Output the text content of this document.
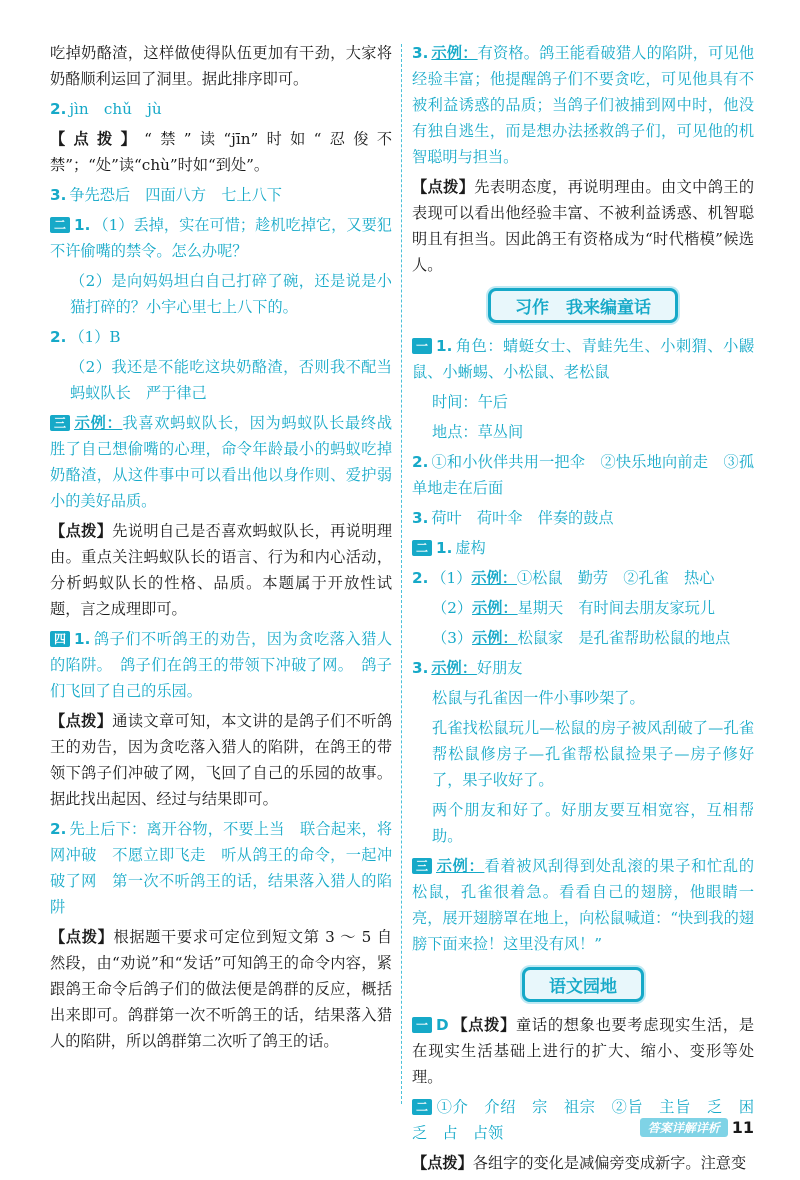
吃掉奶酪渣，这样做使得队伍更加有干劲，大家将奶酪顺利运回了洞里。据此排序即可。

2. jìn　chǔ　jù

【点拨】“禁”读“jīn”时如“忍俊不禁”；“处”读“chù”时如“到处”。

3. 争先恐后　四面八方　七上八下

二 1. （1）丢掉，实在可惜；趁机吃掉它，又要犯不许偷嘴的禁令。怎么办呢？

（2）是向妈妈坦白自己打碎了碗，还是说是小猫打碎的？小宇心里七上八下的。

2. （1）B

（2）我还是不能吃这块奶酪渣，否则我不配当蚂蚁队长　严于律己

三 示例：我喜欢蚂蚁队长，因为蚂蚁队长最终战胜了自己想偷嘴的心理，命令年龄最小的蚂蚁吃掉奶酪渣，从这件事中可以看出他以身作则、爱护弱小的美好品质。

【点拨】先说明自己是否喜欢蚂蚁队长，再说明理由。重点关注蚂蚁队长的语言、行为和内心活动，分析蚂蚁队长的性格、品质。本题属于开放性试题，言之成理即可。

四 1. 鸽子们不听鸽王的劝告，因为贪吃落入猎人的陷阱。　鸽子们在鸽王的带领下冲破了网。　鸽子们飞回了自己的乐园。

【点拨】通读文章可知，本文讲的是鸽子们不听鸽王的劝告，因为贪吃落入猎人的陷阱，在鸽王的带领下鸽子们冲破了网，飞回了自己的乐园的故事。据此找出起因、经过与结果即可。

2. 先上后下：离开谷物，不要上当　联合起来，将网冲破　不愿立即飞走　听从鸽王的命令，一起冲破了网　第一次不听鸽王的话，结果落入猎人的陷阱

【点拨】根据题干要求可定位到短文第 3 ～ 5 自然段，由“劝说”和“发话”可知鸽王的命令内容，紧跟鸽王命令后鸽子们的做法便是鸽群的反应，概括出来即可。鸽群第一次不听鸽王的话，结果落入猎人的陷阱，所以鸽群第二次听了鸽王的话。

3. 示例：有资格。鸽王能看破猎人的陷阱，可见他经验丰富；他提醒鸽子们不要贪吃，可见他具有不被利益诱惑的品质；当鸽子们被捕到网中时，他没有独自逃生，而是想办法拯救鸽子们，可见他的机智聪明与担当。

【点拨】先表明态度，再说明理由。由文中鸽王的表现可以看出他经验丰富、不被利益诱惑、机智聪明且有担当。因此鸽王有资格成为“时代楷模”候选人。

习作　我来编童话

一 1. 角色：蜻蜓女士、青蛙先生、小刺猬、小鼹鼠、小蜥蜴、小松鼠、老松鼠

时间：午后

地点：草丛间

2. ①和小伙伴共用一把伞　②快乐地向前走　③孤单地走在后面

3. 荷叶　荷叶伞　伴奏的鼓点

二 1. 虚构

2. （1）示例：①松鼠　勤劳　②孔雀　热心

（2）示例：星期天　有时间去朋友家玩儿

（3）示例：松鼠家　是孔雀帮助松鼠的地点

3. 示例：好朋友

松鼠与孔雀因一件小事吵架了。

孔雀找松鼠玩儿—松鼠的房子被风刮破了—孔雀帮松鼠修房子—孔雀帮松鼠捡果子—房子修好了，果子收好了。

两个朋友和好了。好朋友要互相宽容，互相帮助。

三 示例：看着被风刮得到处乱滚的果子和忙乱的松鼠，孔雀很着急。看看自己的翅膀，他眼睛一亮，展开翅膀罩在地上，向松鼠喊道：“快到我的翅膀下面来捡！这里没有风！”

语文园地

一 D 【点拨】童话的想象也要考虑现实生活，是在现实生活基础上进行的扩大、缩小、变形等处理。

二 ①介　介绍　宗　祖宗　②旨　主旨　乏　困乏　占　占领

【点拨】各组字的变化是减偏旁变成新字。注意变

答案详解详析 11
